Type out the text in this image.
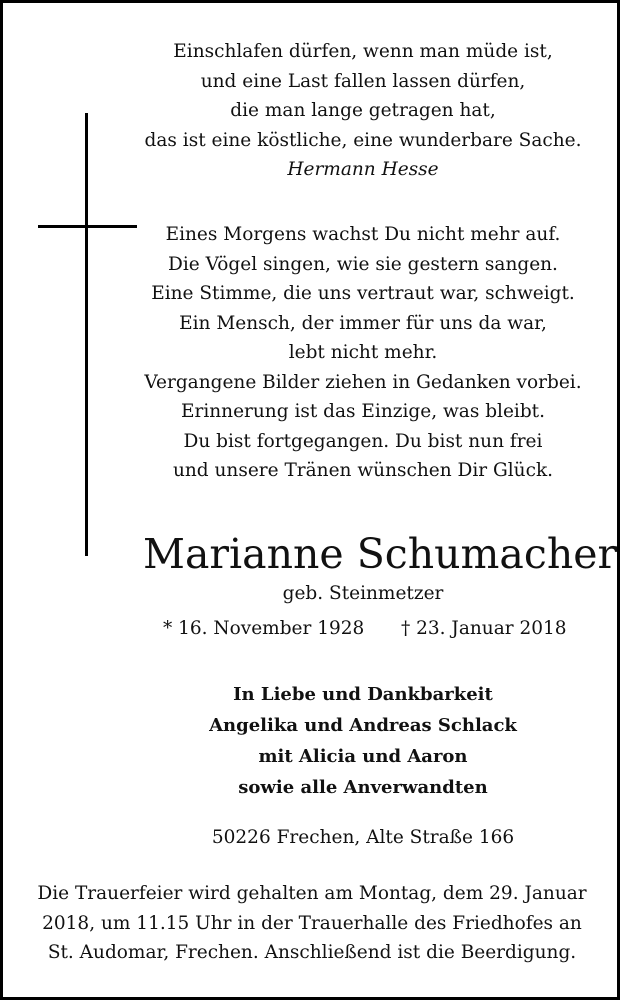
Einschlafen dürfen, wenn man müde ist,
und eine Last fallen lassen dürfen,
die man lange getragen hat,
das ist eine köstliche, eine wunderbare Sache.
Hermann Hesse
Eines Morgens wachst Du nicht mehr auf.
Die Vögel singen, wie sie gestern sangen.
Eine Stimme, die uns vertraut war, schweigt.
Ein Mensch, der immer für uns da war,
lebt nicht mehr.
Vergangene Bilder ziehen in Gedanken vorbei.
Erinnerung ist das Einzige, was bleibt.
Du bist fortgegangen. Du bist nun frei
und unsere Tränen wünschen Dir Glück.
Marianne Schumacher
geb. Steinmetzer
* 16. November 1928 † 23. Januar 2018
In Liebe und Dankbarkeit
Angelika und Andreas Schlack
mit Alicia und Aaron
sowie alle Anverwandten
50226 Frechen, Alte Straße 166
Die Trauerfeier wird gehalten am Montag, dem 29. Januar
2018, um 11.15 Uhr in der Trauerhalle des Friedhofes an
St. Audomar, Frechen. Anschließend ist die Beerdigung.
